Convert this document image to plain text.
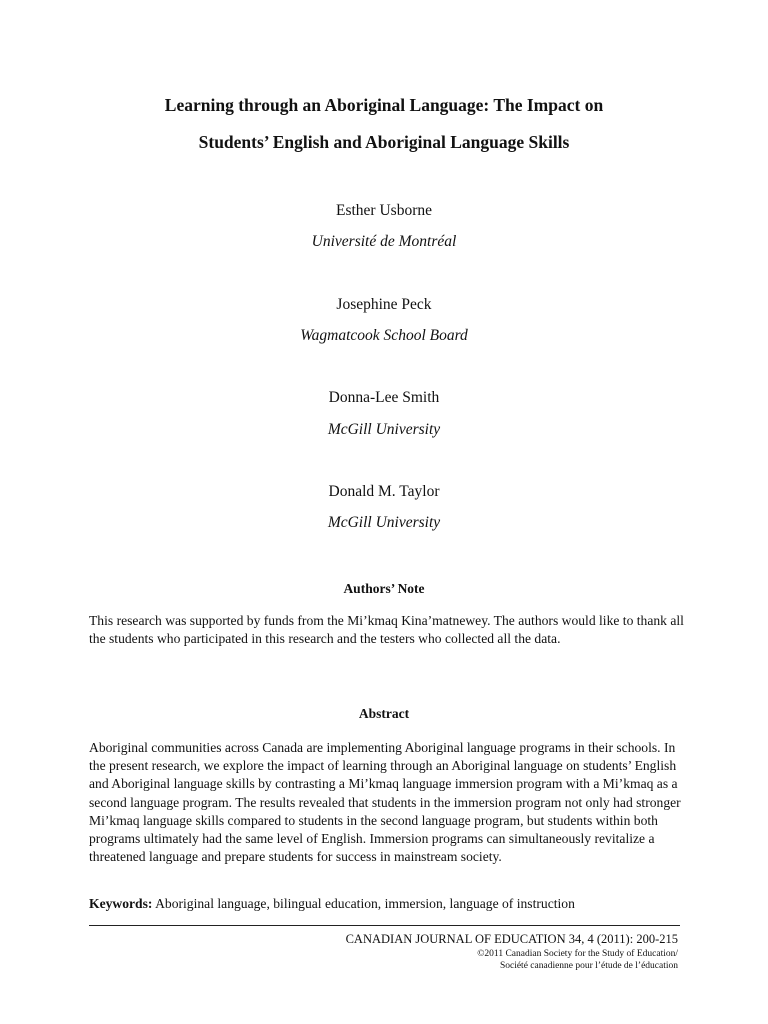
Learning through an Aboriginal Language: The Impact on

Students’ English and Aboriginal Language Skills

Esther Usborne

Université de Montréal

Josephine Peck

Wagmatcook School Board

Donna-Lee Smith

McGill University

Donald M. Taylor

McGill University

Authors’ Note

This research was supported by funds from the Mi’kmaq Kina’matnewey. The authors would like to thank all the students who participated in this research and the testers who collected all the data.

Abstract

Aboriginal communities across Canada are implementing Aboriginal language programs in their schools. In the present research, we explore the impact of learning through an Aboriginal language on students’ English and Aboriginal language skills by contrasting a Mi’kmaq language immersion program with a Mi’kmaq as a second language program. The results revealed that students in the immersion program not only had stronger Mi’kmaq language skills compared to students in the second language program, but students within both programs ultimately had the same level of English. Immersion programs can simultaneously revitalize a threatened language and prepare students for success in mainstream society.

Keywords: Aboriginal language, bilingual education, immersion, language of instruction

CANADIAN JOURNAL OF EDUCATION 34, 4 (2011): 200-215

©2011 Canadian Society for the Study of Education/

Société canadienne pour l’étude de l’éducation
